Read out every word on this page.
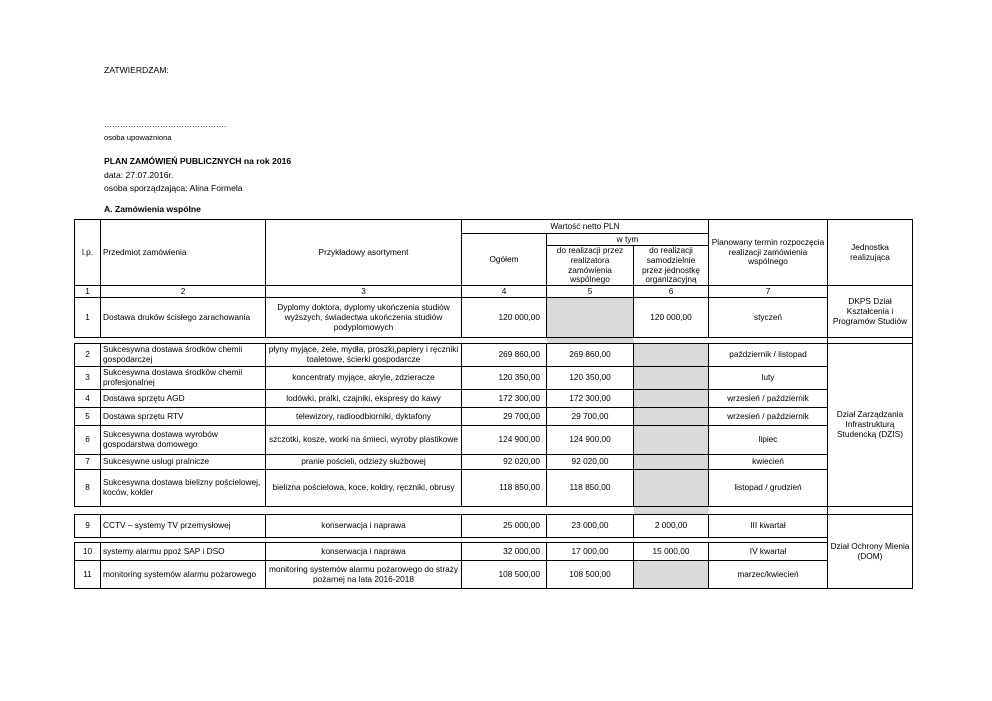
ZATWIERDZAM:
……………………………………….
osoba upoważniona
PLAN ZAMÓWIEŃ PUBLICZNYCH na rok 2016
data: 27.07.2016r.
osoba sporządzająca: Alina Formela
A. Zamówienia wspólne
l.p.	Przedmiot zamówienia	Przykładowy asortyment	Wartość netto PLN			Planowany termin rozpoczęcia realizacji zamówienia wspólnego	Jednostka realizująca
			Ogółem	w tym			
				do realizacji przez realizatora zamówienia wspólnego	do realizacji samodzielnie przez jednostkę organizacyjną		

1	2	3	4	5	6	7	DKPS Dział Kształcenia i Programów Studiów
1	Dostawa druków ścisłego zarachowania	Dyplomy doktora, dyplomy ukończenia studiów wyższych, świadectwa ukończenia studiów podyplomowych	120 000,00		120 000,00	styczeń	

2	Sukcesywna dostawa środków chemii gospodarczej	płyny myjące, żele, mydła, proszki,papiery i ręczniki toaletowe, ścierki gospodarcze	269 860,00	269 860,00		październik / listopad	Dział Zarządzania Infrastrukturą Studencką (DZIS)
3	Sukcesywna dostawa środków chemii profesjonalnej	koncentraty myjące, akryle, zdzieracze	120 350,00	120 350,00		luty	
4	Dostawa sprzętu AGD	lodówki, pralki, czajniki, ekspresy do kawy	172 300,00	172 300,00		wrzesień / październik	
5	Dostawa sprzętu RTV	telewizory, radioodbiorniki, dyktafony	29 700,00	29 700,00		wrzesień / październik	
6	Sukcesywna dostawa wyrobów gospodarstwa domowego	szczotki, kosze, worki na śmieci, wyroby plastikowe	124 900,00	124 900,00		lipiec	
7	Sukcesywne usługi pralnicze	pranie pościeli, odzieży służbowej	92 020,00	92 020,00		kwiecień	
8	Sukcesywna dostawa bielizny pościelowej, koców, kołder	bielizna pościelowa, koce, kołdry, ręczniki, obrusy	118 850,00	118 850,00		listopad / grudzień	

9	CCTV – systemy TV przemysłowej	konserwacja i naprawa	25 000,00	23 000,00	2 000,00	III kwartał	Dział Ochrony Mienia (DOM)

10	systemy alarmu ppoż SAP i DSO	konserwacja i naprawa	32 000,00	17 000,00	15 000,00	IV kwartał	
11	monitoring systemów alarmu pożarowego	monitoring systemów alarmu pożarowego do straży pożarnej na lata 2016-2018	108 500,00	108 500,00		marzec/kwiecień	
